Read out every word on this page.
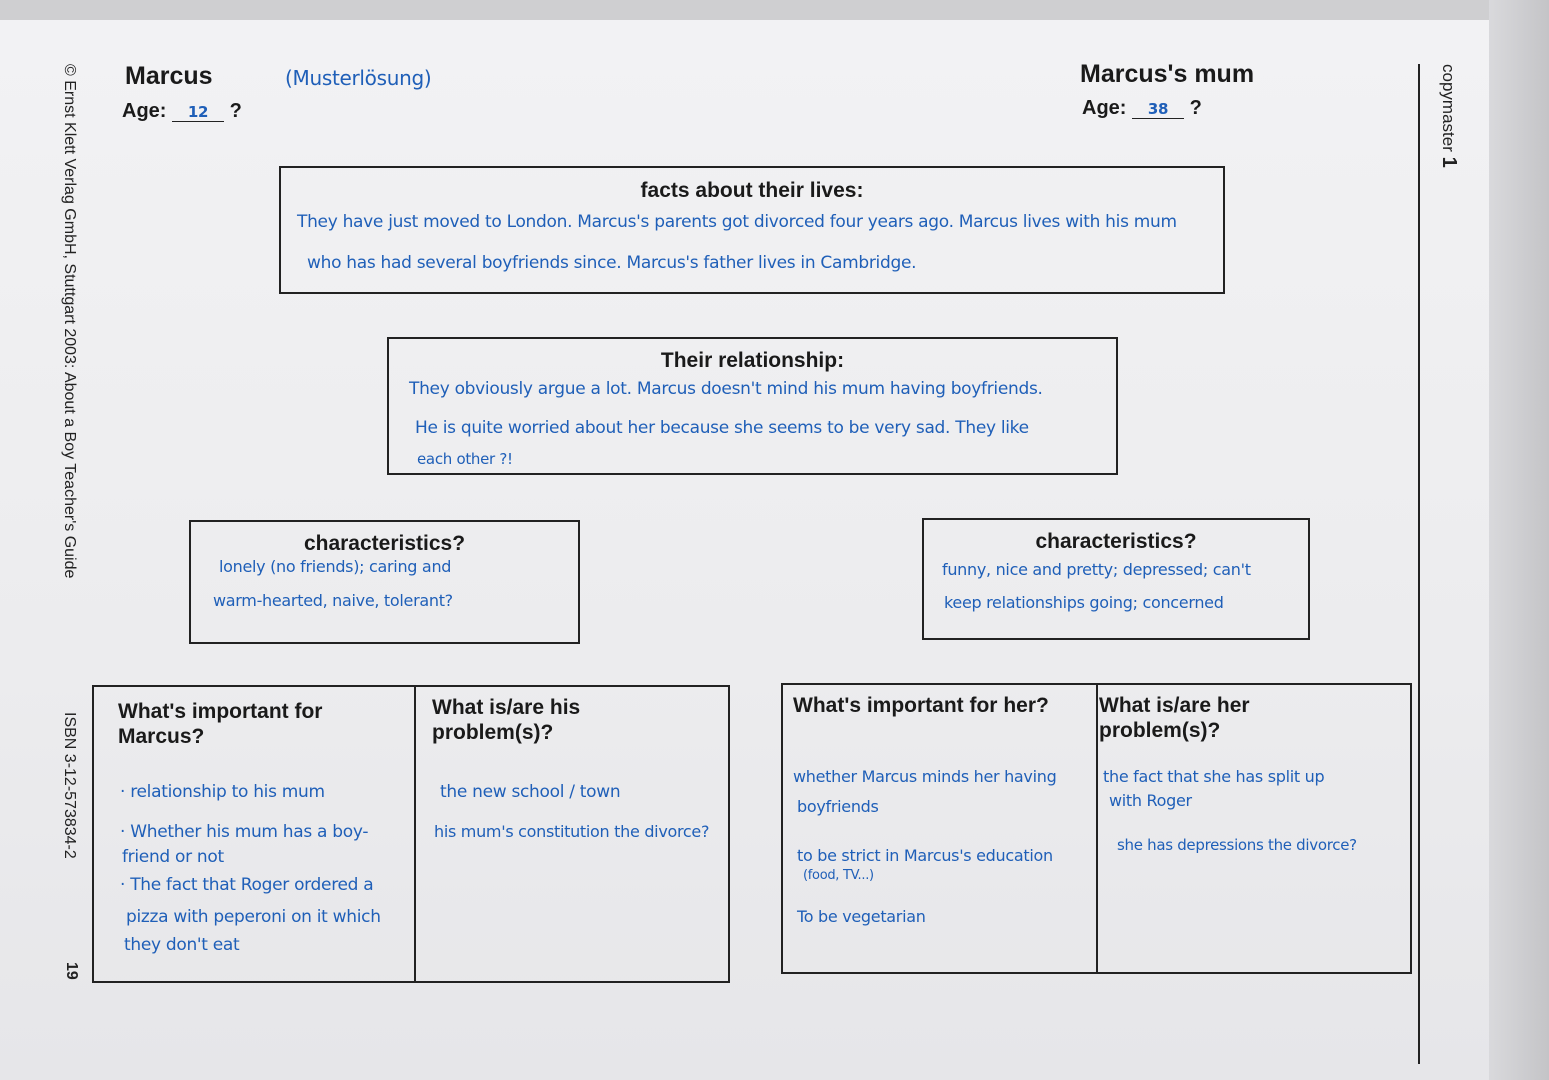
© Ernst Klett Verlag GmbH, Stuttgart 2003: About a Boy Teacher's Guide
ISBN 3-12-573834-2
19
copymaster 1
Marcus	(Musterlösung)
Age: 12 ?
Marcus's mum
Age: 38 ?
facts about their lives:
They have just moved to London. Marcus's parents got divorced four years ago. Marcus lives with his mum
who has had several boyfriends since. Marcus's father lives in Cambridge.
Their relationship:
They obviously argue a lot. Marcus doesn't mind his mum having boyfriends.
He is quite worried about her because she seems to be very sad. They like
each other ?!
characteristics?
lonely (no friends); caring and
warm-hearted, naive, tolerant?
characteristics?
funny, nice and pretty; depressed; can't
keep relationships going; concerned
What's important for
Marcus?
What is/are his
problem(s)?
· relationship to his mum
· Whether his mum has a boy-
friend or not
· The fact that Roger ordered a
pizza with peperoni on it which
they don't eat
the new school / town
his mum's constitution the divorce?
What's important for her? What is/are her
problem(s)?
whether Marcus minds her having
boyfriends
to be strict in Marcus's education
(food, TV...)
To be vegetarian
the fact that she has split up
with Roger
she has depressions the divorce?
